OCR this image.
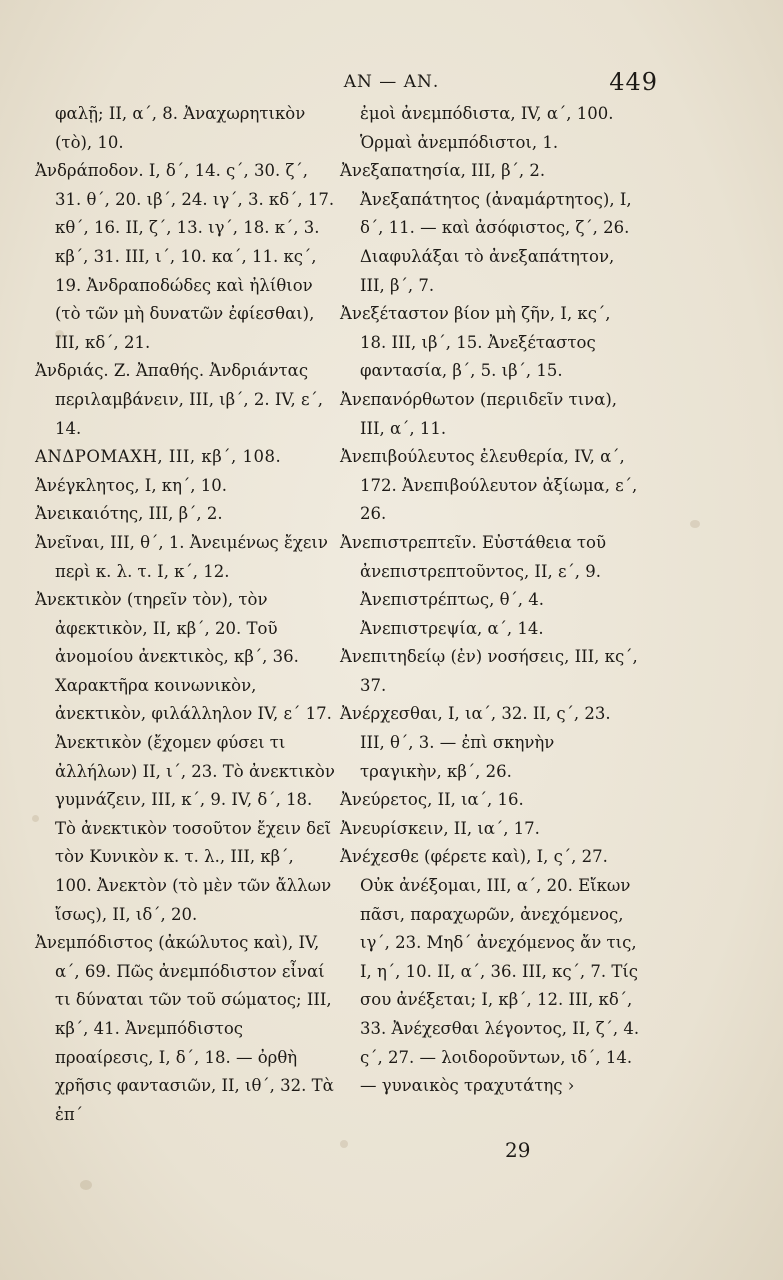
ΑΝ — ΑΝ.	449
φαλῇ; ΙΙ, α΄, 8. Ἀναχωρητικὸν (τὸ), 10.
Ἀνδράποδον. Ι, δ΄, 14. ς΄, 30. ζ΄, 31. θ΄, 20. ιβ΄, 24. ιγ΄, 3. κδ΄, 17. κθ΄, 16. ΙΙ, ζ΄, 13. ιγ΄, 18. κ΄, 3. κβ΄, 31. ΙΙΙ, ι΄, 10. κα΄, 11. κς΄, 19. Ἀνδραποδώδες καὶ ἠλίθιον (τὸ τῶν μὴ δυνατῶν ἐφίεσθαι), ΙΙΙ, κδ΄, 21.
Ἀνδριάς. Ζ. Ἀπαθής. Ἀνδριάντας περιλαμβάνειν, ΙΙΙ, ιβ΄, 2. IV, ε΄, 14.
ΑΝΔΡΟΜΑΧΗ, ΙΙΙ, κβ΄, 108.
Ἀνέγκλητος, Ι, κη΄, 10.
Ἀνεικαιότης, ΙΙΙ, β΄, 2.
Ἀνεῖναι, ΙΙΙ, θ΄, 1. Ἀνειμένως ἔχειν περὶ κ. λ. τ. Ι, κ΄, 12.
Ἀνεκτικὸν (τηρεῖν τὸν), τὸν ἀφεκτικὸν, ΙΙ, κβ΄, 20. Τοῦ ἀνομοίου ἀνεκτικὸς, κβ΄, 36. Χαρακτῆρα κοινωνικὸν, ἀνεκτικὸν, φιλάλληλον IV, ε΄ 17. Ἀνεκτικὸν (ἔχομεν φύσει τι ἀλλήλων) ΙΙ, ι΄, 23. Τὸ ἀνεκτικὸν γυμνάζειν, ΙΙΙ, κ΄, 9. IV, δ΄, 18. Τὸ ἀνεκτικὸν τοσοῦτον ἔχειν δεῖ τὸν Κυνικὸν κ. τ. λ., ΙΙΙ, κβ΄, 100. Ἀνεκτὸν (τὸ μὲν τῶν ἄλλων ἴσως), ΙΙ, ιδ΄, 20.
Ἀνεμπόδιστος (ἀκώλυτος καὶ), IV, α΄, 69. Πῶς ἀνεμπόδιστον εἶναί τι δύναται τῶν τοῦ σώματος; ΙΙΙ, κβ΄, 41. Ἀνεμπόδιστος προαίρεσις, Ι, δ΄, 18. — ὀρθὴ χρῆσις φαντασιῶν, ΙΙ, ιθ΄, 32. Τὰ ἐπ΄
ἐμοὶ ἀνεμπόδιστα, IV, α΄, 100. Ὁρμαὶ ἀνεμπόδιστοι, 1.
Ἀνεξαπατησία, ΙΙΙ, β΄, 2. Ἀνεξαπάτητος (ἀναμάρτητος), Ι, δ΄, 11. — καὶ ἀσόφιστος, ζ΄, 26. Διαφυλάξαι τὸ ἀνεξαπάτητον, ΙΙΙ, β΄, 7.
Ἀνεξέταστον βίον μὴ ζῆν, Ι, κς΄, 18. ΙΙΙ, ιβ΄, 15. Ἀνεξέταστος φαντασία, β΄, 5. ιβ΄, 15.
Ἀνεπανόρθωτον (περιιδεῖν τινα), ΙΙΙ, α΄, 11.
Ἀνεπιβούλευτος ἐλευθερία, IV, α΄, 172. Ἀνεπιβούλευτον ἀξίωμα, ε΄, 26.
Ἀνεπιστρεπτεῖν. Εὐστάθεια τοῦ ἀνεπιστρεπτοῦντος, ΙΙ, ε΄, 9. Ἀνεπιστρέπτως, θ΄, 4. Ἀνεπιστρεψία, α΄, 14.
Ἀνεπιτηδείῳ (ἐν) νοσήσεις, ΙΙΙ, κς΄, 37.
Ἀνέρχεσθαι, Ι, ια΄, 32. ΙΙ, ς΄, 23. ΙΙΙ, θ΄, 3. — ἐπὶ σκηνὴν τραγικὴν, κβ΄, 26.
Ἀνεύρετος, ΙΙ, ια΄, 16.
Ἀνευρίσκειν, ΙΙ, ια΄, 17.
Ἀνέχεσθε (φέρετε καὶ), Ι, ς΄, 27. Οὐκ ἀνέξομαι, ΙΙΙ, α΄, 20. Εἴκων πᾶσι, παραχωρῶν, ἀνεχόμενος, ιγ΄, 23. Μηδ΄ ἀνεχόμενος ἄν τις, Ι, η΄, 10. ΙΙ, α΄, 36. ΙΙΙ, κς΄, 7. Τίς σου ἀνέξεται; Ι, κβ΄, 12. ΙΙΙ, κδ΄, 33. Ἀνέχεσθαι λέγοντος, ΙΙ, ζ΄, 4. ς΄, 27. — λοιδοροῦντων, ιδ΄, 14. — γυναικὸς τραχυτάτης ›
29
